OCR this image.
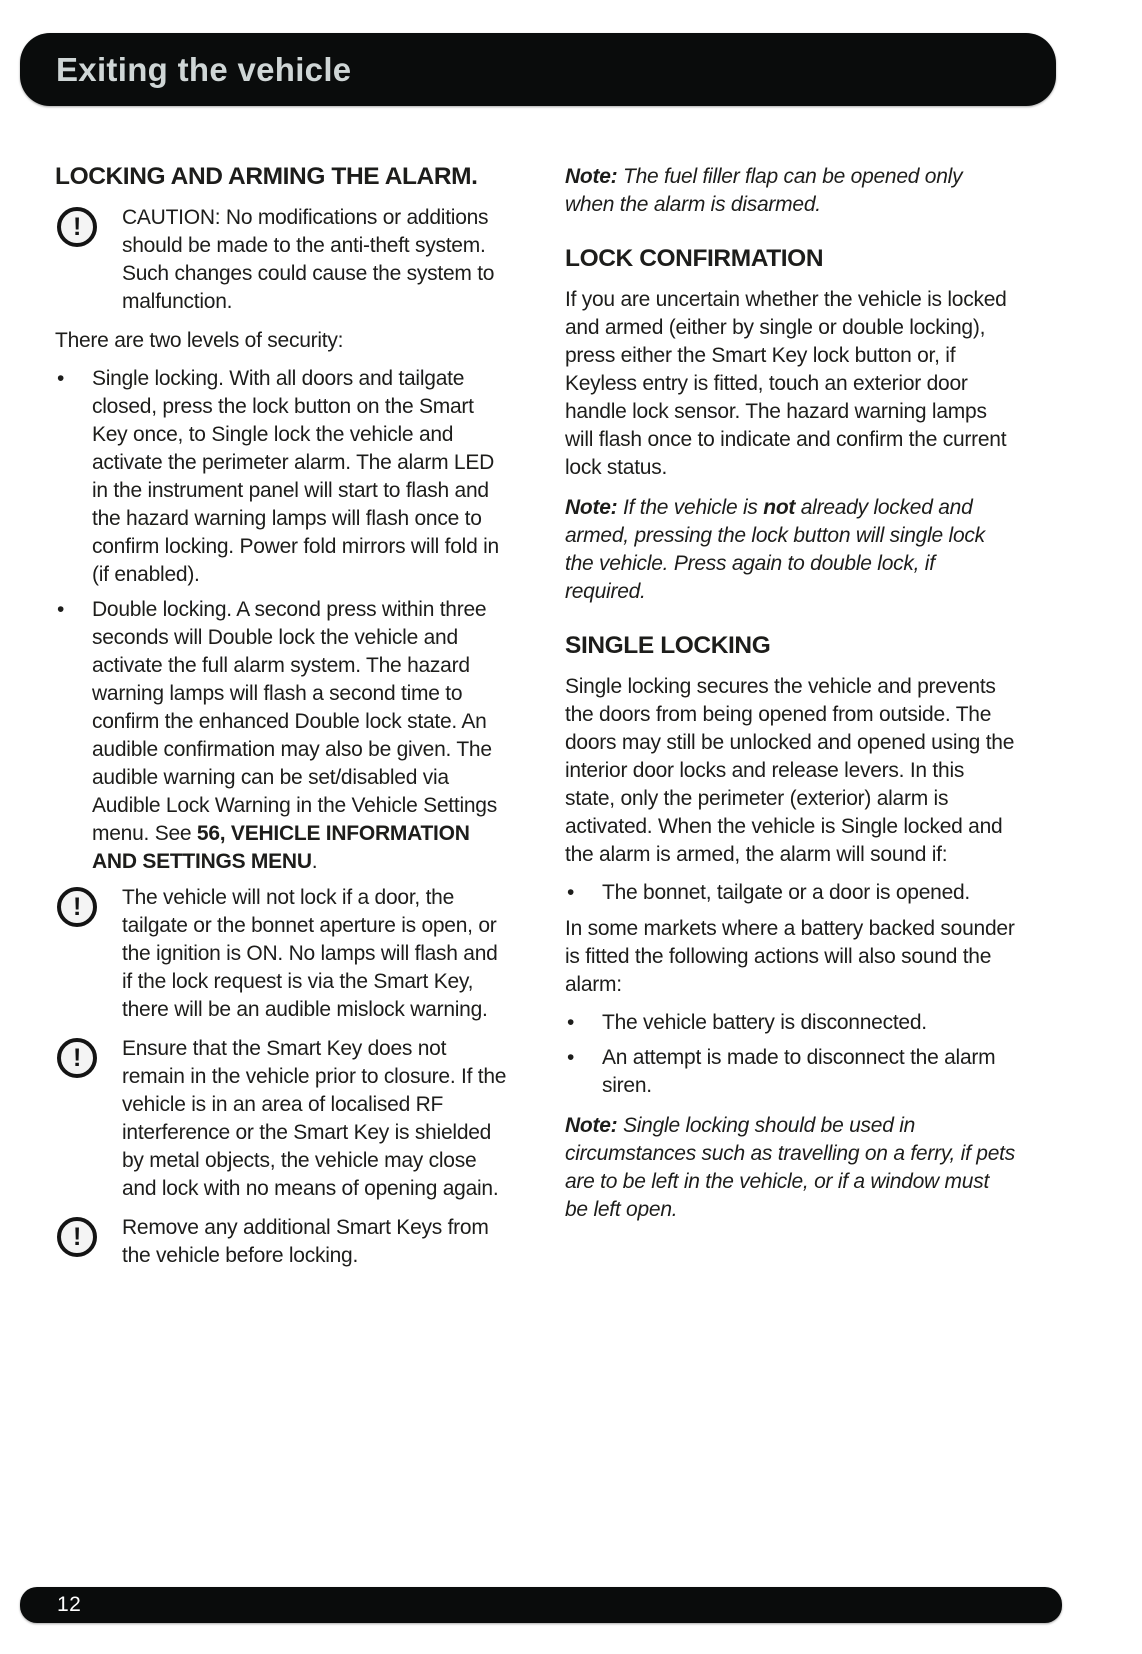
Exiting the vehicle
LOCKING AND ARMING THE ALARM.
!	CAUTION: No modifications or additions should be made to the anti-theft system. Such changes could cause the system to malfunction.

There are two levels of security:

•	Single locking. With all doors and tailgate closed, press the lock button on the Smart Key once, to Single lock the vehicle and activate the perimeter alarm. The alarm LED in the instrument panel will start to flash and the hazard warning lamps will flash once to confirm locking. Power fold mirrors will fold in (if enabled).
•	Double locking. A second press within three seconds will Double lock the vehicle and activate the full alarm system. The hazard warning lamps will flash a second time to confirm the enhanced Double lock state. An audible confirmation may also be given. The audible warning can be set/disabled via Audible Lock Warning in the Vehicle Settings menu. See 56, VEHICLE INFORMATION AND SETTINGS MENU.
!	The vehicle will not lock if a door, the tailgate or the bonnet aperture is open, or the ignition is ON. No lamps will flash and if the lock request is via the Smart Key, there will be an audible mislock warning.

!	Ensure that the Smart Key does not remain in the vehicle prior to closure. If the vehicle is in an area of localised RF interference or the Smart Key is shielded by metal objects, the vehicle may close and lock with no means of opening again.

!	Remove any additional Smart Keys from the vehicle before locking.

Note: The fuel filler flap can be opened only when the alarm is disarmed.

LOCK CONFIRMATION

If you are uncertain whether the vehicle is locked and armed (either by single or double locking), press either the Smart Key lock button or, if Keyless entry is fitted, touch an exterior door handle lock sensor. The hazard warning lamps will flash once to indicate and confirm the current lock status.

Note: If the vehicle is not already locked and armed, pressing the lock button will single lock the vehicle. Press again to double lock, if required.

SINGLE LOCKING

Single locking secures the vehicle and prevents the doors from being opened from outside. The doors may still be unlocked and opened using the interior door locks and release levers. In this state, only the perimeter (exterior) alarm is activated. When the vehicle is Single locked and the alarm is armed, the alarm will sound if:

•	The bonnet, tailgate or a door is opened.

In some markets where a battery backed sounder is fitted the following actions will also sound the alarm:

•	The vehicle battery is disconnected.
•	An attempt is made to disconnect the alarm siren.

Note: Single locking should be used in circumstances such as travelling on a ferry, if pets are to be left in the vehicle, or if a window must be left open.

12
